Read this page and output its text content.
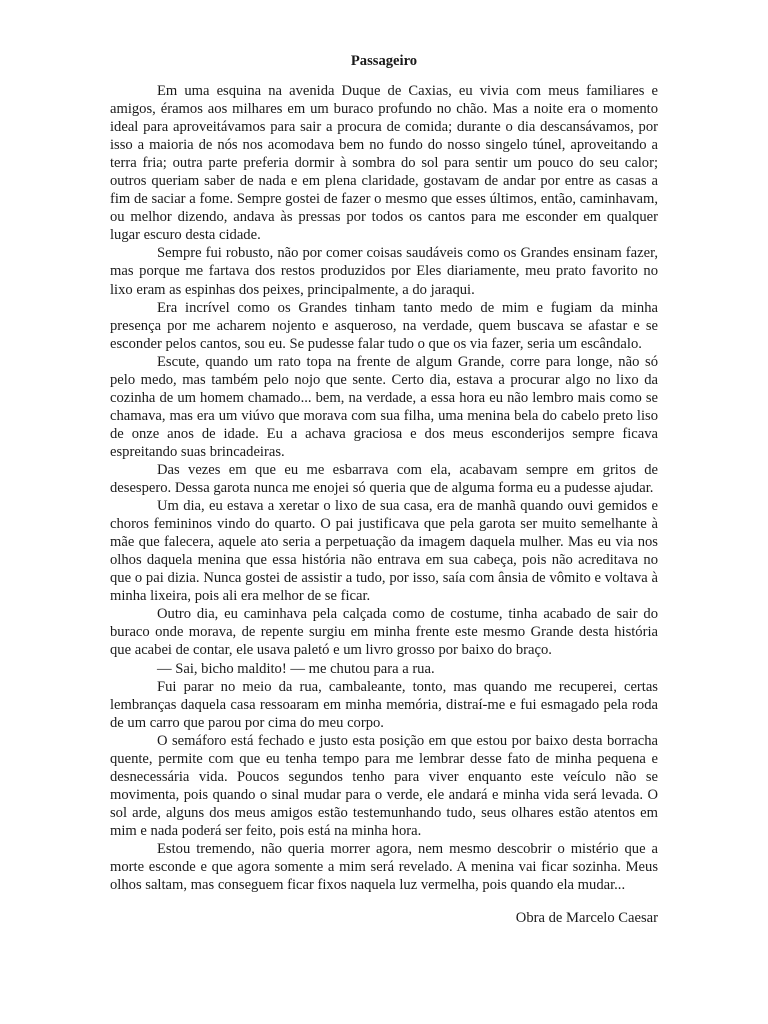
Passageiro

Em uma esquina na avenida Duque de Caxias, eu vivia com meus familiares e amigos, éramos aos milhares em um buraco profundo no chão. Mas a noite era o momento ideal para aproveitávamos para sair a procura de comida; durante o dia descansávamos, por isso a maioria de nós nos acomodava bem no fundo do nosso singelo túnel, aproveitando a terra fria; outra parte preferia dormir à sombra do sol para sentir um pouco do seu calor; outros queriam saber de nada e em plena claridade, gostavam de andar por entre as casas a fim de saciar a fome. Sempre gostei de fazer o mesmo que esses últimos, então, caminhavam, ou melhor dizendo, andava às pressas por todos os cantos para me esconder em qualquer lugar escuro desta cidade.

Sempre fui robusto, não por comer coisas saudáveis como os Grandes ensinam fazer, mas porque me fartava dos restos produzidos por Eles diariamente, meu prato favorito no lixo eram as espinhas dos peixes, principalmente, a do jaraqui.

Era incrível como os Grandes tinham tanto medo de mim e fugiam da minha presença por me acharem nojento e asqueroso, na verdade, quem buscava se afastar e se esconder pelos cantos, sou eu. Se pudesse falar tudo o que os via fazer, seria um escândalo.

Escute, quando um rato topa na frente de algum Grande, corre para longe, não só pelo medo, mas também pelo nojo que sente. Certo dia, estava a procurar algo no lixo da cozinha de um homem chamado... bem, na verdade, a essa hora eu não lembro mais como se chamava, mas era um viúvo que morava com sua filha, uma menina bela do cabelo preto liso de onze anos de idade. Eu a achava graciosa e dos meus esconderijos sempre ficava espreitando suas brincadeiras.

Das vezes em que eu me esbarrava com ela, acabavam sempre em gritos de desespero. Dessa garota nunca me enojei só queria que de alguma forma eu a pudesse ajudar.

Um dia, eu estava a xeretar o lixo de sua casa, era de manhã quando ouvi gemidos e choros femininos vindo do quarto. O pai justificava que pela garota ser muito semelhante à mãe que falecera, aquele ato seria a perpetuação da imagem daquela mulher. Mas eu via nos olhos daquela menina que essa história não entrava em sua cabeça, pois não acreditava no que o pai dizia. Nunca gostei de assistir a tudo, por isso, saía com ânsia de vômito e voltava à minha lixeira, pois ali era melhor de se ficar.

Outro dia, eu caminhava pela calçada como de costume, tinha acabado de sair do buraco onde morava, de repente surgiu em minha frente este mesmo Grande desta história que acabei de contar, ele usava paletó e um livro grosso por baixo do braço.

— Sai, bicho maldito! — me chutou para a rua.

Fui parar no meio da rua, cambaleante, tonto, mas quando me recuperei, certas lembranças daquela casa ressoaram em minha memória, distraí-me e fui esmagado pela roda de um carro que parou por cima do meu corpo.

O semáforo está fechado e justo esta posição em que estou por baixo desta borracha quente, permite com que eu tenha tempo para me lembrar desse fato de minha pequena e desnecessária vida. Poucos segundos tenho para viver enquanto este veículo não se movimenta, pois quando o sinal mudar para o verde, ele andará e minha vida será levada. O sol arde, alguns dos meus amigos estão testemunhando tudo, seus olhares estão atentos em mim e nada poderá ser feito, pois está na minha hora.

Estou tremendo, não queria morrer agora, nem mesmo descobrir o mistério que a morte esconde e que agora somente a mim será revelado. A menina vai ficar sozinha. Meus olhos saltam, mas conseguem ficar fixos naquela luz vermelha, pois quando ela mudar...

Obra de Marcelo Caesar
